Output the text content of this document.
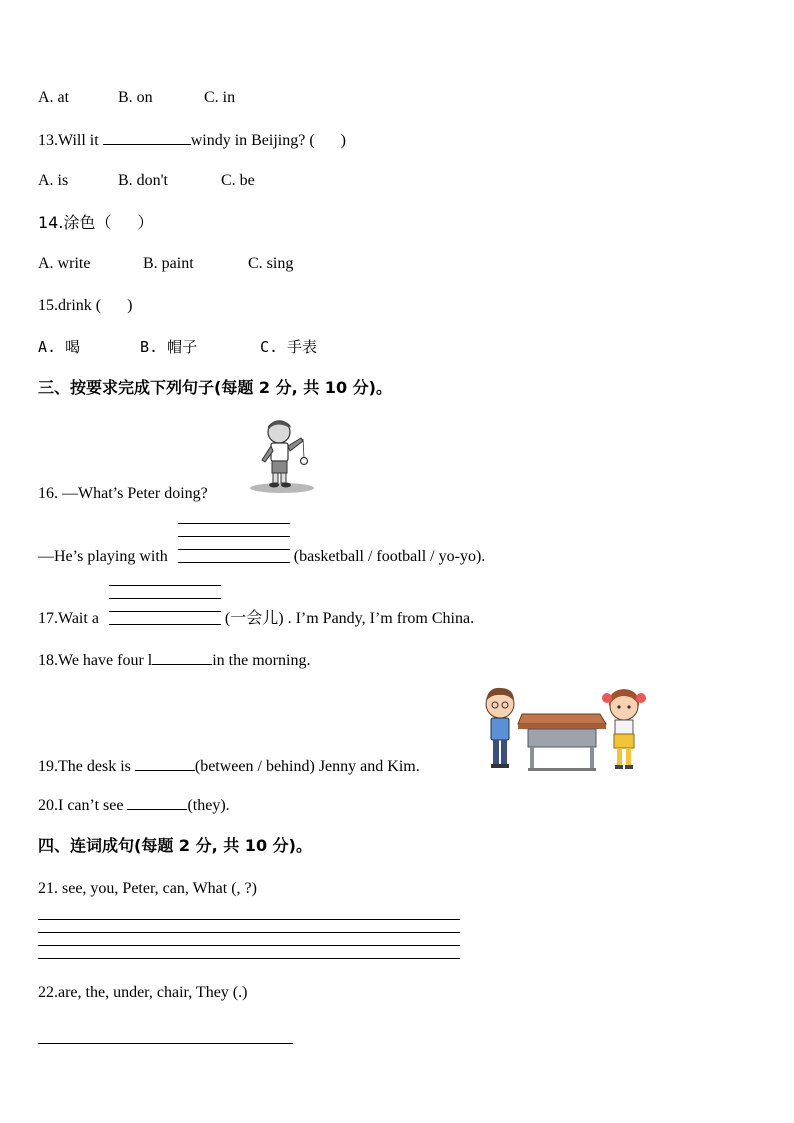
A. at	B. on	C. in
13.Will it	windy in Beijing? ( )
A. is	B. don't	C. be
14.涂色（ ）
A. write	B. paint	C. sing
15.drink ( )
A. 喝	B. 帽子	C. 手表
三、按要求完成下列句子(每题 2 分, 共 10 分)。
16. —What’s Peter doing?
—He’s playing with	(basketball / football / yo-yo).
17.Wait a	(一会儿) . I’m Pandy, I’m from China.
18.We have four l	in the morning.
19.The desk is	(between / behind) Jenny and Kim.
20.I can’t see	(they).
四、连词成句(每题 2 分, 共 10 分)。
21. see, you, Peter, can, What (, ?)
22.are, the, under, chair, They (.)
